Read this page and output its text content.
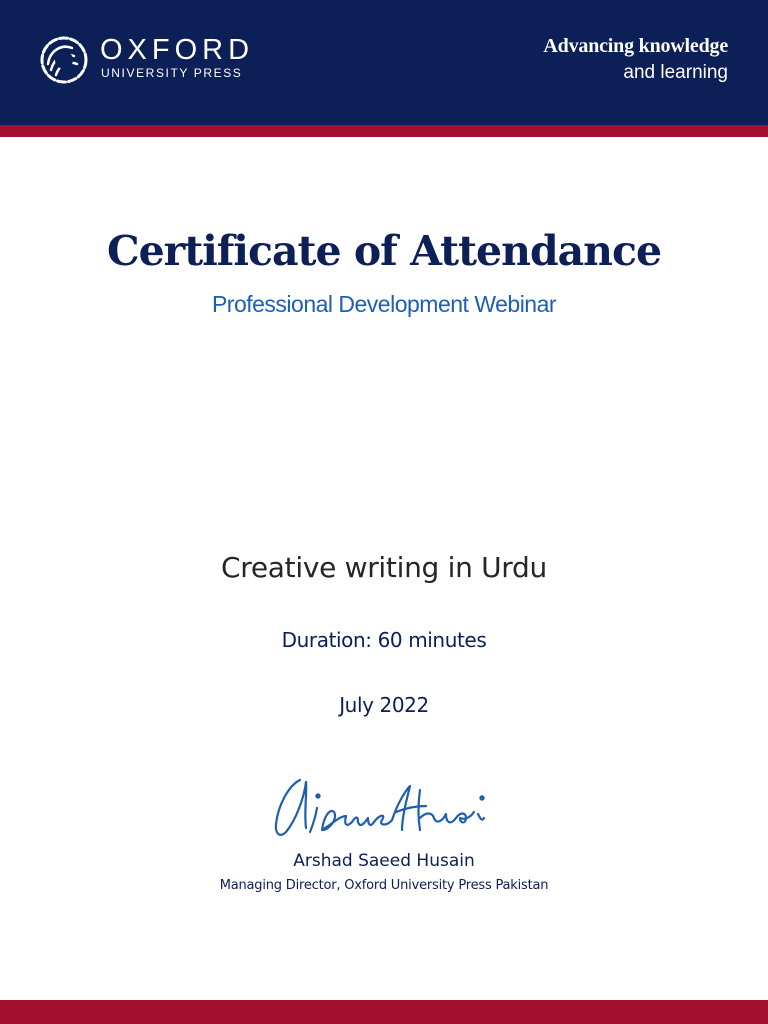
OXFORD
UNIVERSITY PRESS
Advancing knowledge
and learning
Certificate of Attendance
Professional Development Webinar
Creative writing in Urdu
Duration: 60 minutes
July 2022
Arshad Saeed Husain
Managing Director, Oxford University Press Pakistan
